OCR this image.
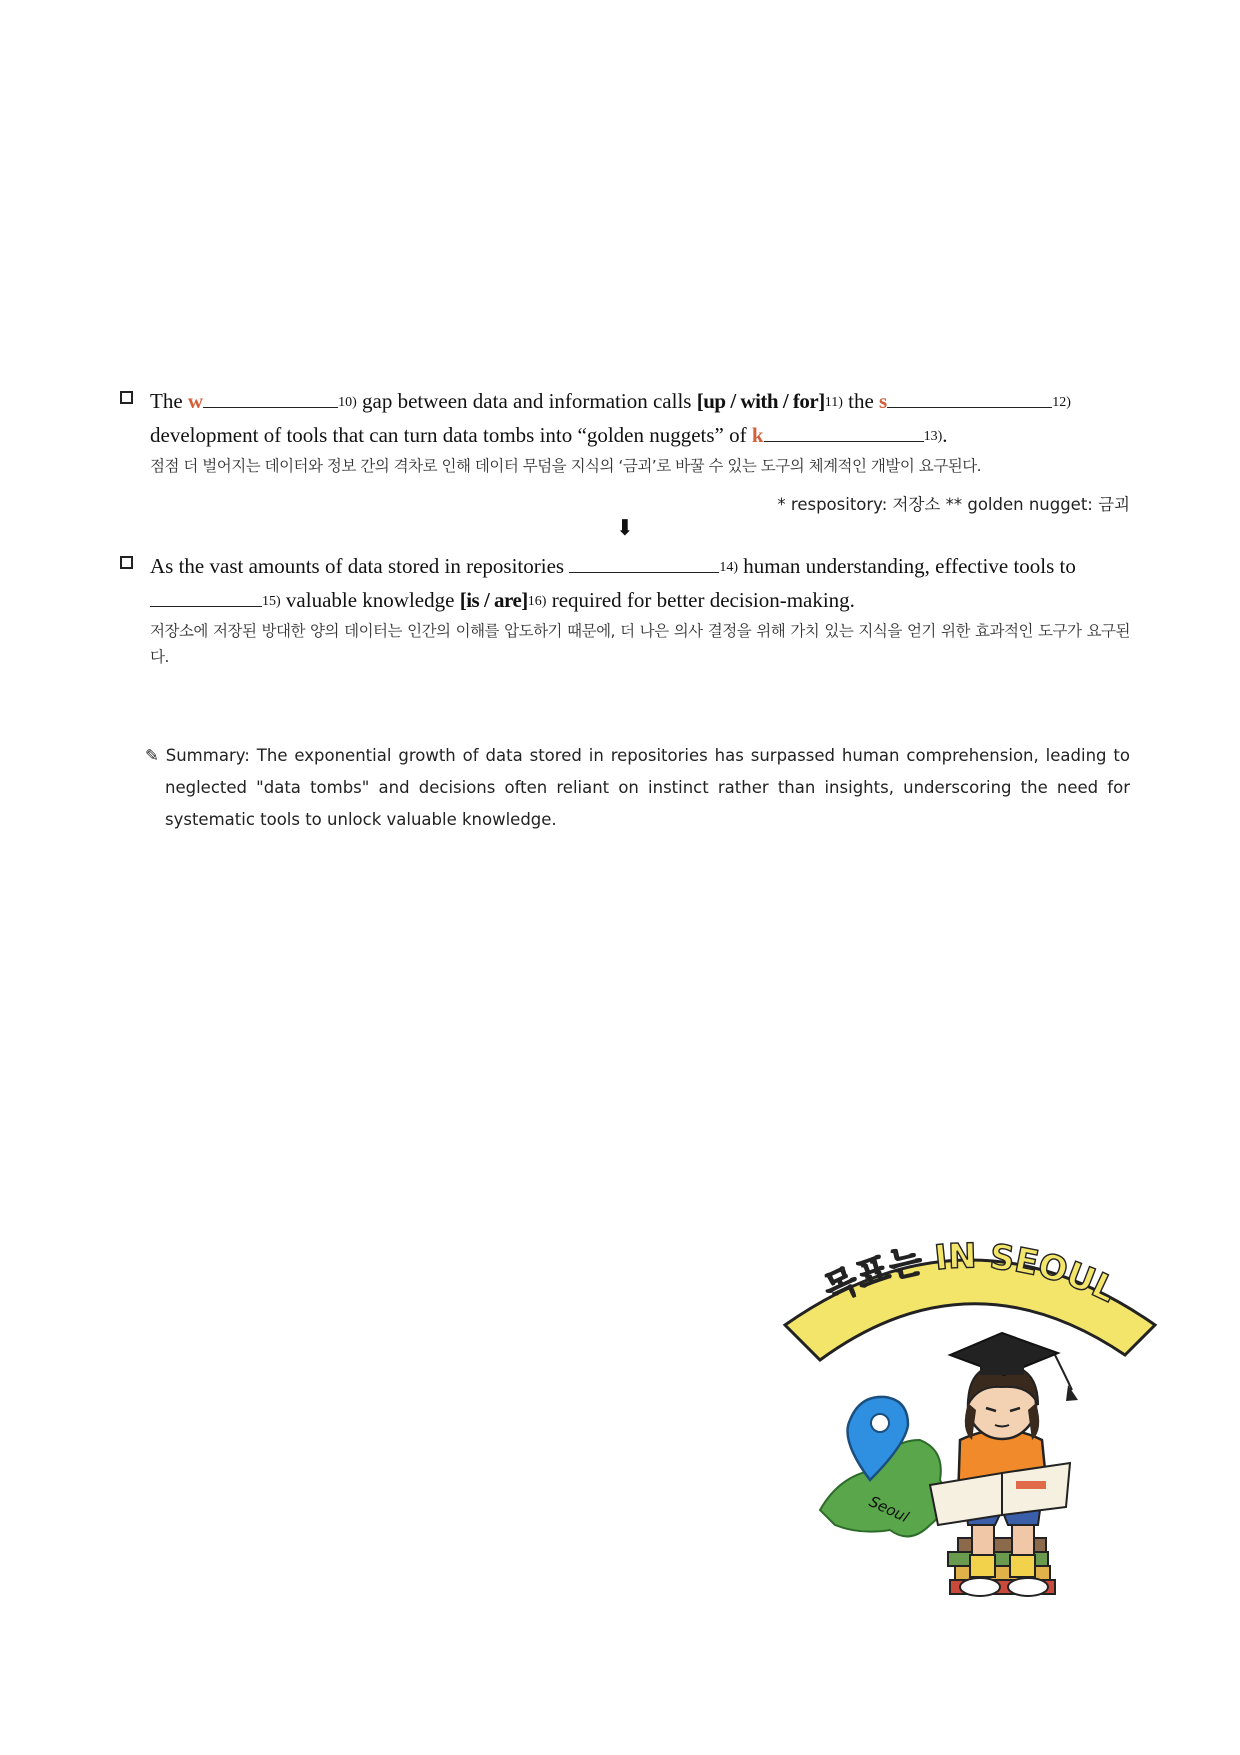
The w	10) gap between data and information calls [up / with / for]11) the s	12)
development of tools that can turn data tombs into “golden nuggets” of k	13).
점점 더 벌어지는 데이터와 정보 간의 격차로 인해 데이터 무덤을 지식의 ‘금괴’로 바꿀 수 있는 도구의 체계적인 개발이 요구된다.
* respository: 저장소 ** golden nugget: 금괴
⬇
As the vast amounts of data stored in repositories	14) human understanding, effective tools to
15) valuable knowledge [is / are]16) required for better decision-making.
저장소에 저장된 방대한 양의 데이터는 인간의 이해를 압도하기 때문에, 더 나은 의사 결정을 위해 가치 있는 지식을 얻기 위한 효과적인 도구가 요구된다.
✎ Summary: The exponential growth of data stored in repositories has surpassed human comprehension, leading to neglected "data tombs" and decisions often reliant on instinct rather than insights, underscoring the need for systematic tools to unlock valuable knowledge.
목표는 IN SEOUL
Seoul
